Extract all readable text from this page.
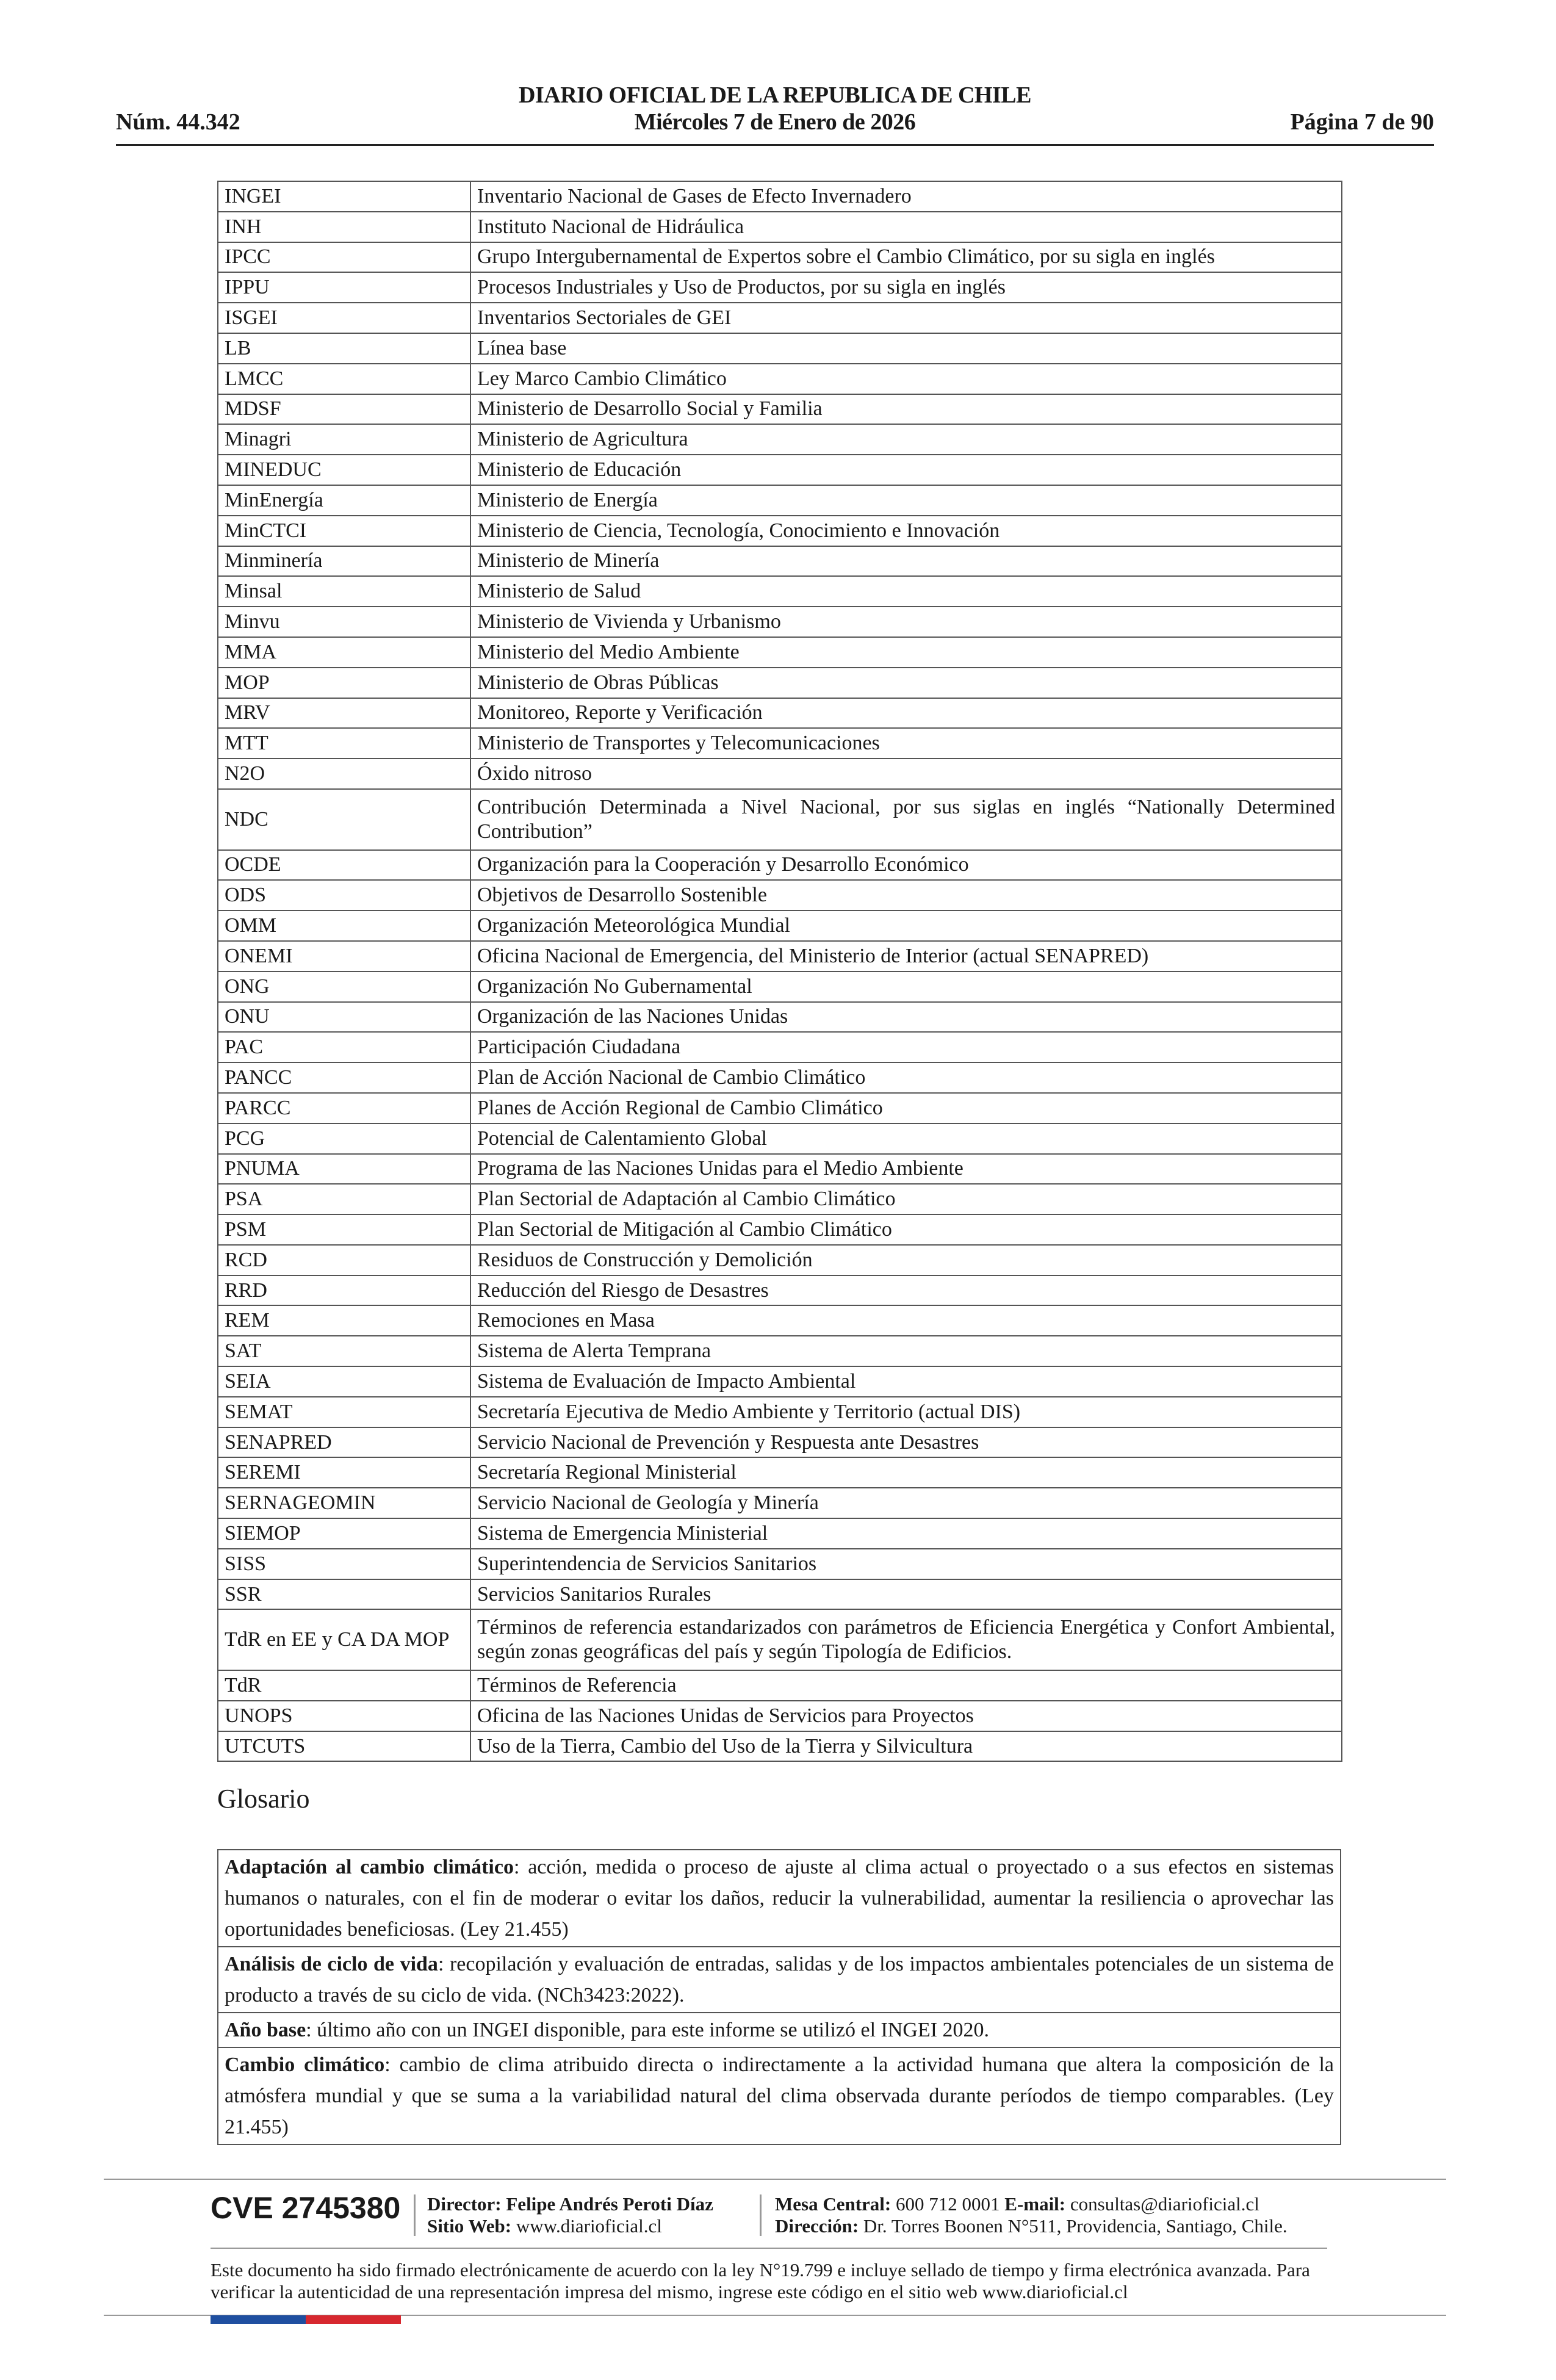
Núm. 44.342
DIARIO OFICIAL DE LA REPUBLICA DE CHILE
Miércoles 7 de Enero de 2026	Página 7 de 90
INGEI	Inventario Nacional de Gases de Efecto Invernadero
INH	Instituto Nacional de Hidráulica
IPCC	Grupo Intergubernamental de Expertos sobre el Cambio Climático, por su sigla en inglés
IPPU	Procesos Industriales y Uso de Productos, por su sigla en inglés
ISGEI	Inventarios Sectoriales de GEI
LB	Línea base
LMCC	Ley Marco Cambio Climático
MDSF	Ministerio de Desarrollo Social y Familia
Minagri	Ministerio de Agricultura
MINEDUC	Ministerio de Educación
MinEnergía	Ministerio de Energía
MinCTCI	Ministerio de Ciencia, Tecnología, Conocimiento e Innovación
Minminería	Ministerio de Minería
Minsal	Ministerio de Salud
Minvu	Ministerio de Vivienda y Urbanismo
MMA	Ministerio del Medio Ambiente
MOP	Ministerio de Obras Públicas
MRV	Monitoreo, Reporte y Verificación
MTT	Ministerio de Transportes y Telecomunicaciones
N2O	Óxido nitroso
NDC	Contribución Determinada a Nivel Nacional, por sus siglas en inglés “Nationally Determined Contribution”
OCDE	Organización para la Cooperación y Desarrollo Económico
ODS	Objetivos de Desarrollo Sostenible
OMM	Organización Meteorológica Mundial
ONEMI	Oficina Nacional de Emergencia, del Ministerio de Interior (actual SENAPRED)
ONG	Organización No Gubernamental
ONU	Organización de las Naciones Unidas
PAC	Participación Ciudadana
PANCC	Plan de Acción Nacional de Cambio Climático
PARCC	Planes de Acción Regional de Cambio Climático
PCG	Potencial de Calentamiento Global
PNUMA	Programa de las Naciones Unidas para el Medio Ambiente
PSA	Plan Sectorial de Adaptación al Cambio Climático
PSM	Plan Sectorial de Mitigación al Cambio Climático
RCD	Residuos de Construcción y Demolición
RRD	Reducción del Riesgo de Desastres
REM	Remociones en Masa
SAT	Sistema de Alerta Temprana
SEIA	Sistema de Evaluación de Impacto Ambiental
SEMAT	Secretaría Ejecutiva de Medio Ambiente y Territorio (actual DIS)
SENAPRED	Servicio Nacional de Prevención y Respuesta ante Desastres
SEREMI	Secretaría Regional Ministerial
SERNAGEOMIN	Servicio Nacional de Geología y Minería
SIEMOP	Sistema de Emergencia Ministerial
SISS	Superintendencia de Servicios Sanitarios
SSR	Servicios Sanitarios Rurales
TdR en EE y CA DA MOP	Términos de referencia estandarizados con parámetros de Eficiencia Energética y Confort Ambiental, según zonas geográficas del país y según Tipología de Edificios.
TdR	Términos de Referencia
UNOPS	Oficina de las Naciones Unidas de Servicios para Proyectos
UTCUTS	Uso de la Tierra, Cambio del Uso de la Tierra y Silvicultura
Glosario
Adaptación al cambio climático: acción, medida o proceso de ajuste al clima actual o proyectado o a sus efectos en sistemas humanos o naturales, con el fin de moderar o evitar los daños, reducir la vulnerabilidad, aumentar la resiliencia o aprovechar las oportunidades beneficiosas. (Ley 21.455)
Análisis de ciclo de vida: recopilación y evaluación de entradas, salidas y de los impactos ambientales potenciales de un sistema de producto a través de su ciclo de vida. (NCh3423:2022).
Año base: último año con un INGEI disponible, para este informe se utilizó el INGEI 2020.
Cambio climático: cambio de clima atribuido directa o indirectamente a la actividad humana que altera la composición de la atmósfera mundial y que se suma a la variabilidad natural del clima observada durante períodos de tiempo comparables. (Ley 21.455)
CVE 2745380 Director: Felipe Andrés Peroti Díaz
Sitio Web: www.diarioficial.cl
Mesa Central: 600 712 0001 E-mail: consultas@diarioficial.cl
Dirección: Dr. Torres Boonen N°511, Providencia, Santiago, Chile.
Este documento ha sido firmado electrónicamente de acuerdo con la ley N°19.799 e incluye sellado de tiempo y firma electrónica avanzada. Para verificar la autenticidad de una representación impresa del mismo, ingrese este código en el sitio web www.diarioficial.cl
